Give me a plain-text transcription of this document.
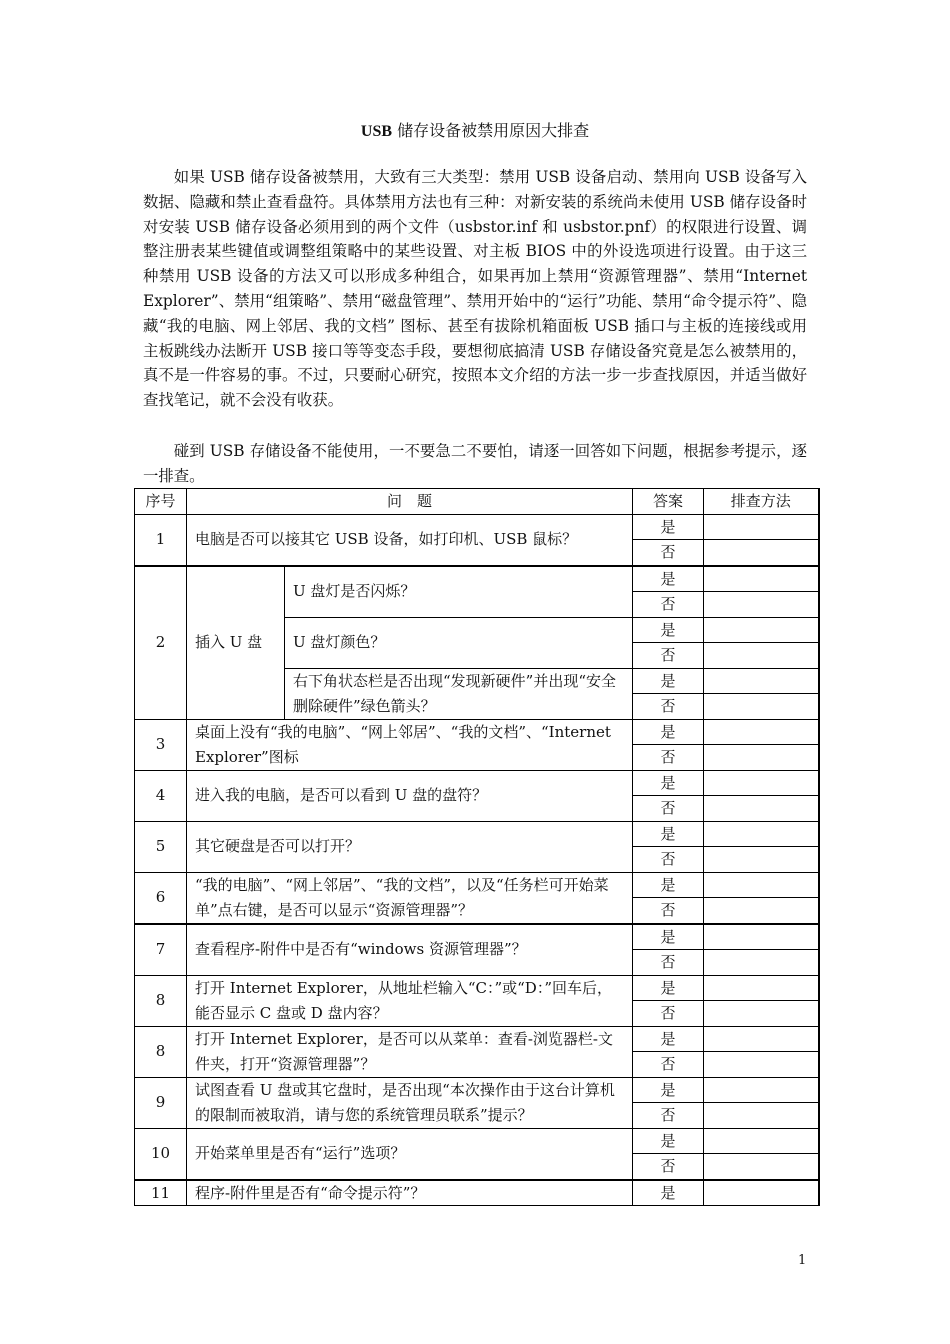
USB 储存设备被禁用原因大排查

如果 USB 储存设备被禁用，大致有三大类型：禁用 USB 设备启动、禁用向 USB 设备写入数据、隐藏和禁止查看盘符。具体禁用方法也有三种：对新安装的系统尚未使用 USB 储存设备时对安装 USB 储存设备必须用到的两个文件（usbstor.inf 和 usbstor.pnf）的权限进行设置、调整注册表某些键值或调整组策略中的某些设置、对主板 BIOS 中的外设选项进行设置。由于这三种禁用 USB 设备的方法又可以形成多种组合，如果再加上禁用“资源管理器”、禁用“Internet Explorer”、禁用“组策略”、禁用“磁盘管理”、禁用开始中的“运行”功能、禁用“命令提示符”、隐藏“我的电脑、网上邻居、我的文档” 图标、甚至有拔除机箱面板 USB 插口与主板的连接线或用主板跳线办法断开 USB 接口等等变态手段，要想彻底搞清 USB 存储设备究竟是怎么被禁用的，真不是一件容易的事。不过，只要耐心研究，按照本文介绍的方法一步一步查找原因，并适当做好查找笔记，就不会没有收获。

碰到 USB 存储设备不能使用，一不要急二不要怕，请逐一回答如下问题，根据参考提示，逐一排查。

序号	问　题		答案	排查方法
1	电脑是否可以接其它 USB 设备，如打印机、USB 鼠标？		是	
			否	
2	插入 U 盘	U 盘灯是否闪烁？	是	
			否	
		U 盘灯颜色？	是	
			否	
		右下角状态栏是否出现“发现新硬件”并出现“安全删除硬件”绿色箭头？	是	
			否	
3	桌面上没有“我的电脑”、“网上邻居”、“我的文档”、“Internet Explorer”图标		是	
			否	
4	进入我的电脑，是否可以看到 U 盘的盘符？		是	
			否	
5	其它硬盘是否可以打开？		是	
			否	
6	“我的电脑”、“网上邻居”、“我的文档”，以及“任务栏可开始菜单”点右键，是否可以显示“资源管理器”？		是	
			否	
7	查看程序-附件中是否有“windows 资源管理器”？		是	
			否	
8	打开 Internet Explorer，从地址栏输入“C：”或“D：”回车后，能否显示 C 盘或 D 盘内容？		是	
			否	
8	打开 Internet Explorer，是否可以从菜单：查看-浏览器栏-文件夹，打开“资源管理器”？		是	
			否	
9	试图查看 U 盘或其它盘时，是否出现“本次操作由于这台计算机的限制而被取消，请与您的系统管理员联系”提示？		是	
			否	
10	开始菜单里是否有“运行”选项？		是	
			否	
11	程序-附件里是否有“命令提示符”？		是	
1
